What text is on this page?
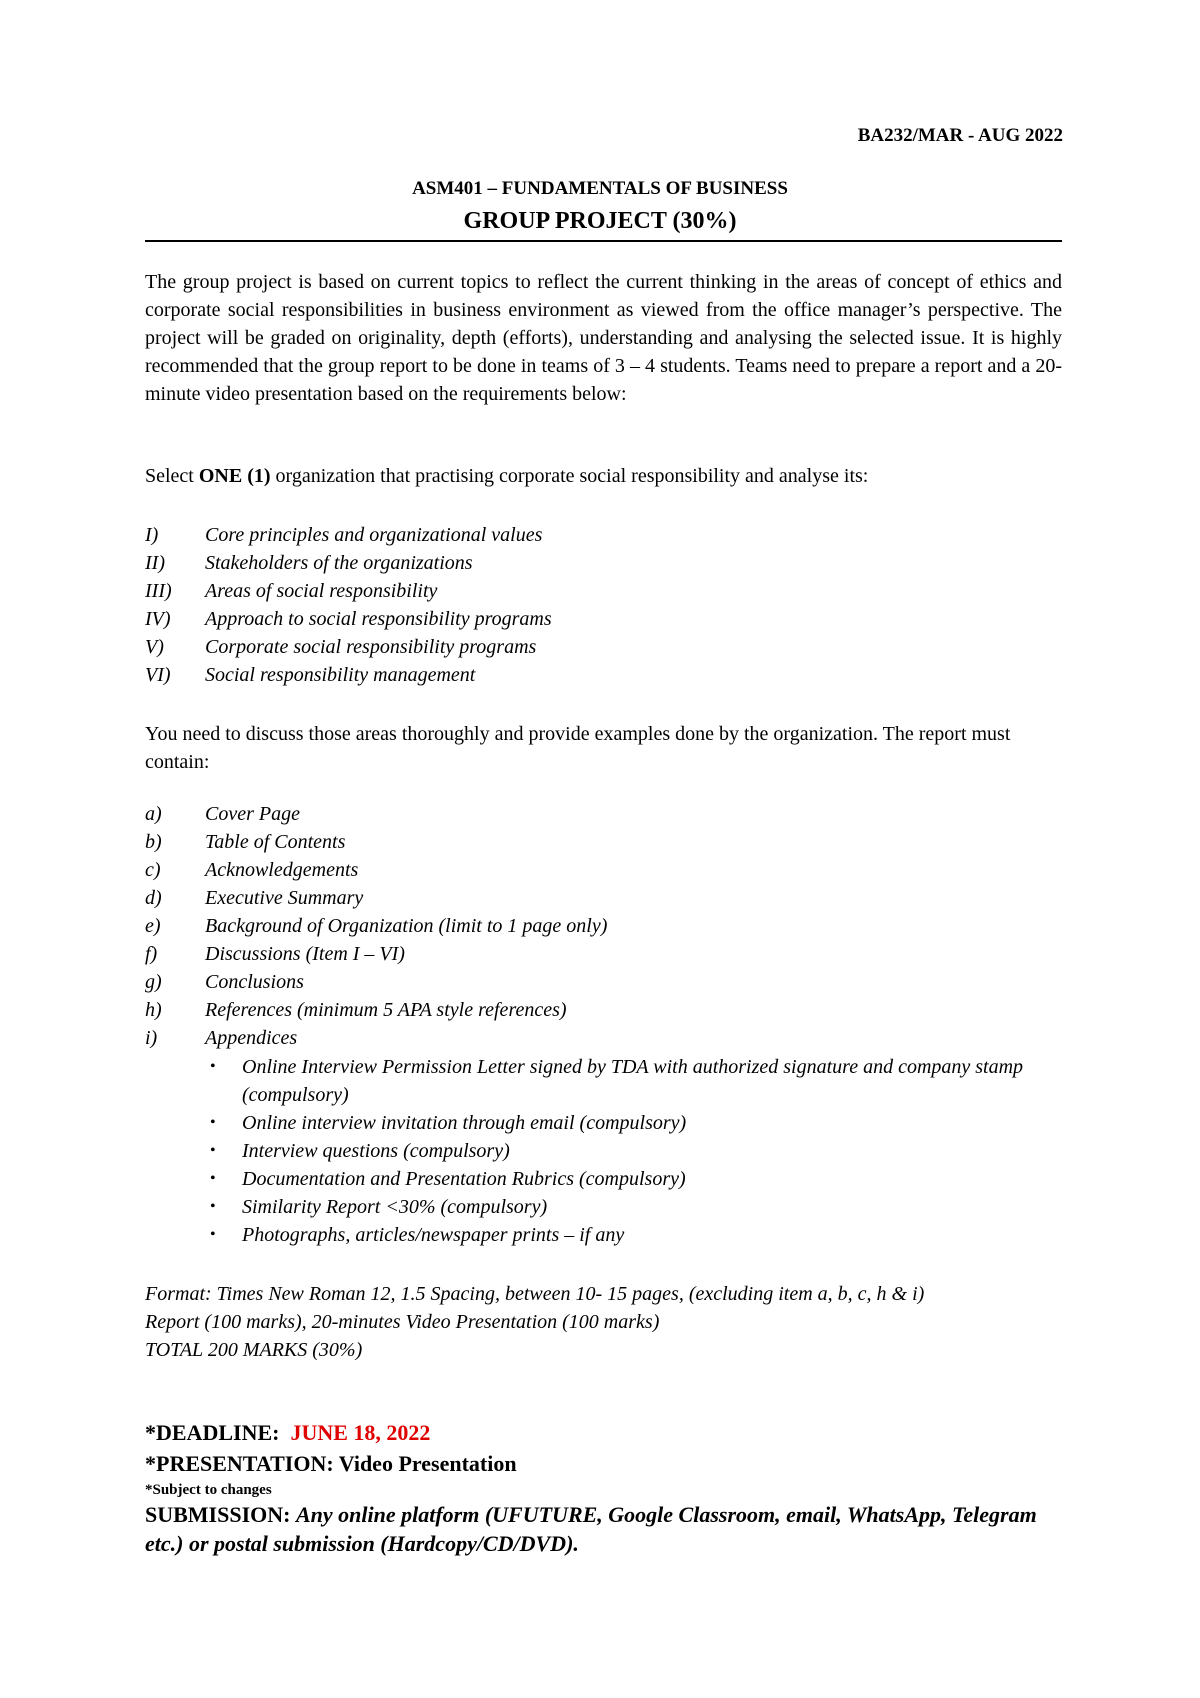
BA232/MAR - AUG 2022
ASM401 – FUNDAMENTALS OF BUSINESS
GROUP PROJECT (30%)
The group project is based on current topics to reflect the current thinking in the areas of concept of ethics and corporate social responsibilities in business environment as viewed from the office manager’s perspective. The project will be graded on originality, depth (efforts), understanding and analysing the selected issue. It is highly recommended that the group report to be done in teams of 3 – 4 students. Teams need to prepare a report and a 20-minute video presentation based on the requirements below:
Select ONE (1) organization that practising corporate social responsibility and analyse its:
I) Core principles and organizational values
II) Stakeholders of the organizations
III) Areas of social responsibility
IV) Approach to social responsibility programs
V) Corporate social responsibility programs
VI) Social responsibility management
You need to discuss those areas thoroughly and provide examples done by the organization. The report must contain:
a) Cover Page
b) Table of Contents
c) Acknowledgements
d) Executive Summary
e) Background of Organization (limit to 1 page only)
f) Discussions (Item I – VI)
g) Conclusions
h) References (minimum 5 APA style references)
i) Appendices
• Online Interview Permission Letter signed by TDA with authorized signature and company stamp (compulsory)
• Online interview invitation through email (compulsory)
• Interview questions (compulsory)
• Documentation and Presentation Rubrics (compulsory)
• Similarity Report <30% (compulsory)
• Photographs, articles/newspaper prints – if any
Format: Times New Roman 12, 1.5 Spacing, between 10- 15 pages, (excluding item a, b, c, h & i)
Report (100 marks), 20-minutes Video Presentation (100 marks)
TOTAL 200 MARKS (30%)
*DEADLINE: JUNE 18, 2022
*PRESENTATION: Video Presentation
*Subject to changes
SUBMISSION: Any online platform (UFUTURE, Google Classroom, email, WhatsApp, Telegram etc.) or postal submission (Hardcopy/CD/DVD).
